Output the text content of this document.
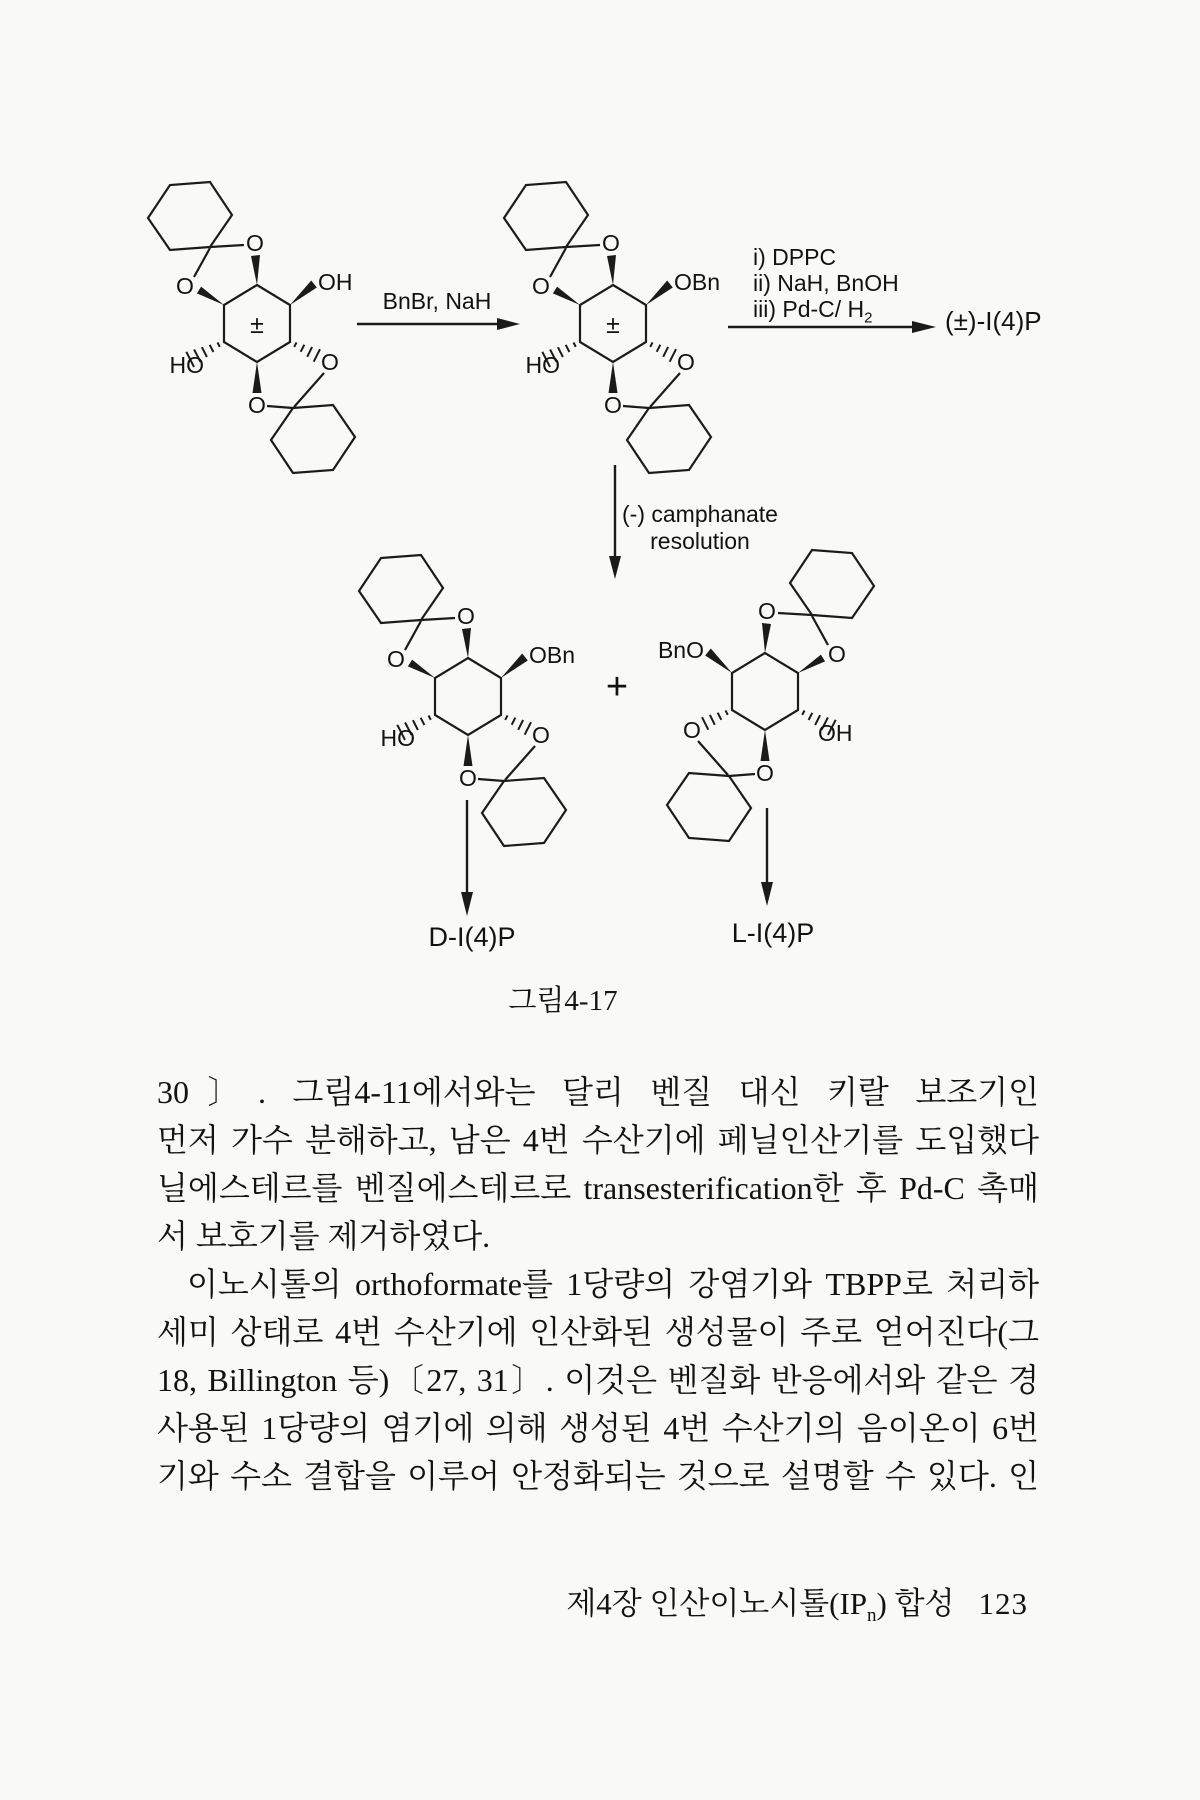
O
O	OH
HO
O
O
±
O
O	OBn
HO
O
O
±
O
O	OBn
HO
O
O
O
O
BnO
OH
O
O
BnBr, NaH
i) DPPC
ii) NaH, BnOH
iii) Pd-C/ $H_2$	(±)-I(4)P
(-) camphanate
resolution
+
D-I(4)P	L-I(4)P
그림4-17
30〕. 그림4-11에서와는 달리 벤질 대신 키랄 보조기인
먼저 가수 분해하고, 남은 4번 수산기에 페닐인산기를 도입했다
닐에스테르를 벤질에스테르로 transesterification한 후 Pd-C 촉매
서 보호기를 제거하였다.
이노시톨의 orthoformate를 1당량의 강염기와 TBPP로 처리하
세미 상태로 4번 수산기에 인산화된 생성물이 주로 얻어진다(그
18, Billington 등)〔27, 31〕. 이것은 벤질화 반응에서와 같은 경
사용된 1당량의 염기에 의해 생성된 4번 수산기의 음이온이 6번
기와 수소 결합을 이루어 안정화되는 것으로 설명할 수 있다. 인
제4장 인산이노시톨$(IP_n)$ 합성 123
